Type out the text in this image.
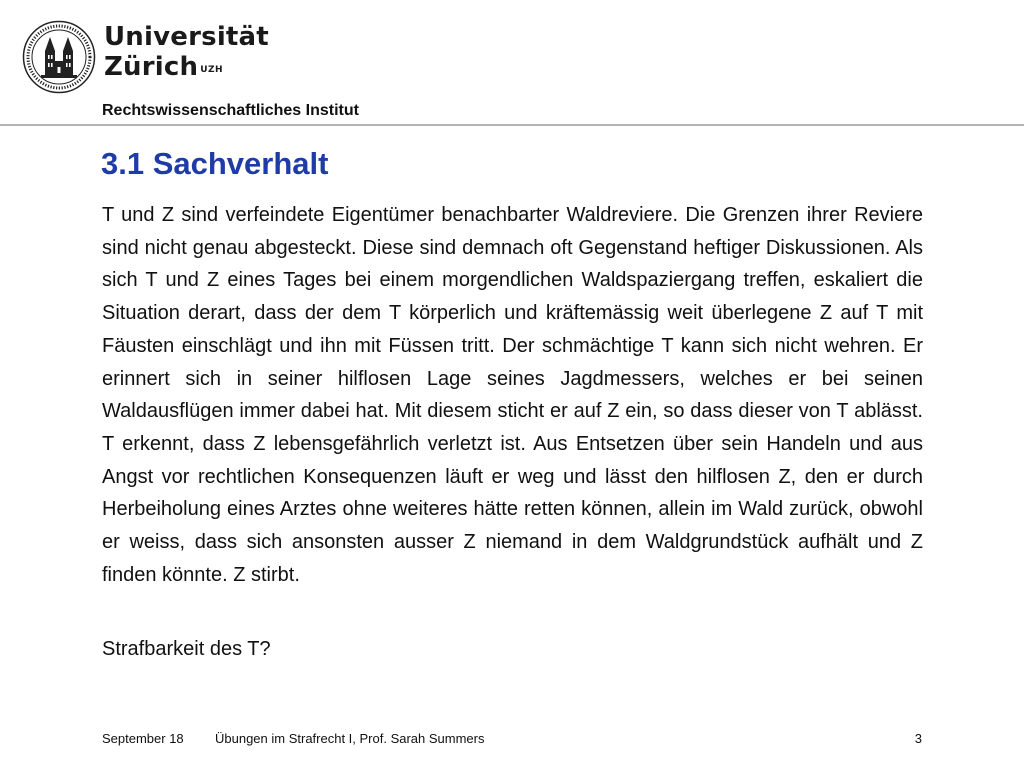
Universität
Zürich $^{UZH}$
Rechtswissenschaftliches Institut
3.1 Sachverhalt

T und Z sind verfeindete Eigentümer benachbarter Waldreviere. Die Grenzen ihrer Reviere sind nicht genau abgesteckt. Diese sind demnach oft Gegenstand heftiger Diskussionen. Als sich T und Z eines Tages bei einem morgendlichen Waldspaziergang treffen, eskaliert die Situation derart, dass der dem T körperlich und kräftemässig weit überlegene Z auf T mit Fäusten einschlägt und ihn mit Füssen tritt. Der schmächtige T kann sich nicht wehren. Er erinnert sich in seiner hilflosen Lage seines Jagdmessers, welches er bei seinen Waldausflügen immer dabei hat. Mit diesem sticht er auf Z ein, so dass dieser von T ablässt. T erkennt, dass Z lebensgefährlich verletzt ist. Aus Entsetzen über sein Handeln und aus Angst vor rechtlichen Konsequenzen läuft er weg und lässt den hilflosen Z, den er durch Herbeiholung eines Arztes ohne weiteres hätte retten können, allein im Wald zurück, obwohl er weiss, dass sich ansonsten ausser Z niemand in dem Waldgrundstück aufhält und Z finden könnte. Z stirbt.

Strafbarkeit des T?

September 18 Übungen im Strafrecht I, Prof. Sarah Summers	3
